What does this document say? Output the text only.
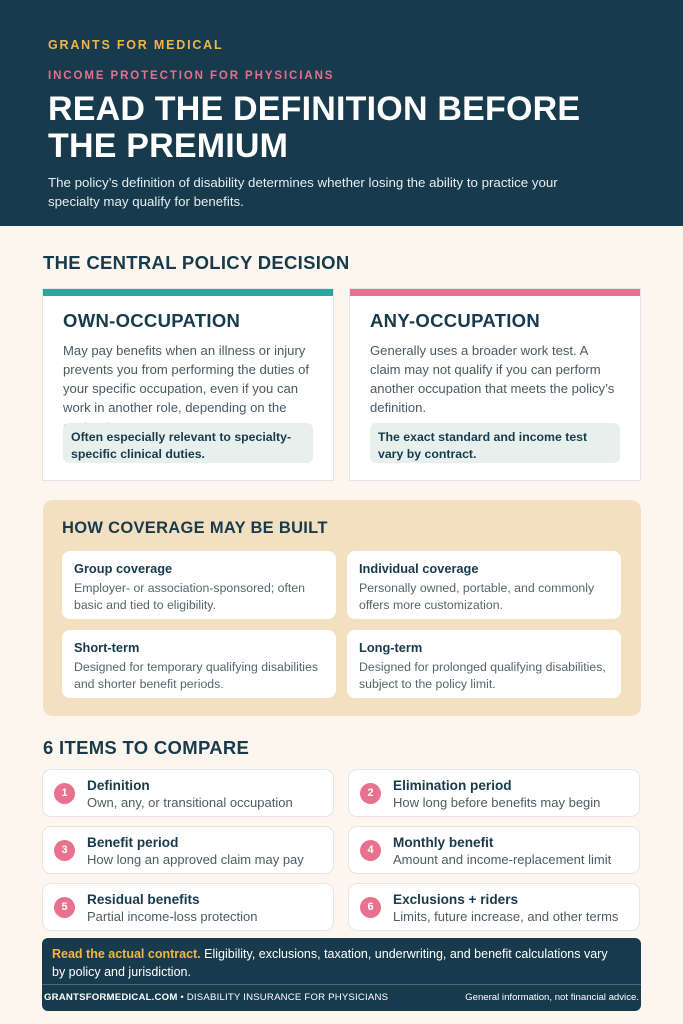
GRANTS FOR MEDICAL
INCOME PROTECTION FOR PHYSICIANS
READ THE DEFINITION BEFORE
THE PREMIUM

The policy’s definition of disability determines whether losing the ability to practice your specialty may qualify for benefits.

THE CENTRAL POLICY DECISION
OWN-OCCUPATION

May pay benefits when an illness or injury prevents you from performing the duties of your specific occupation, even if you can work in another role, depending on the

Often especially relevant to specialty-specific clinical duties.
ANY-OCCUPATION

Generally uses a broader work test. A claim may not qualify if you can perform another occupation that meets the policy’s definition.

The exact standard and income test vary by contract.
HOW COVERAGE MAY BE BUILT
Group coverage
Employer- or association-sponsored; often basic and tied to eligibility.
Individual coverage
Personally owned, portable, and commonly offers more customization.
Short-term
Designed for temporary qualifying disabilities and shorter benefit periods.
Long-term
Designed for prolonged qualifying disabilities, subject to the policy limit.
6 ITEMS TO COMPARE
1	Definition
Own, any, or transitional occupation
2	Elimination period
How long before benefits may begin
3	Benefit period
How long an approved claim may pay
4	Monthly benefit
Amount and income-replacement limit
5	Residual benefits
Partial income-loss protection
6	Exclusions + riders
Limits, future increase, and other terms

Read the actual contract. Eligibility, exclusions, taxation, underwriting, and benefit calculations vary by policy and jurisdiction.

GRANTSFORMEDICAL.COM • DISABILITY INSURANCE FOR PHYSICIANS	General information, not financial advice.
